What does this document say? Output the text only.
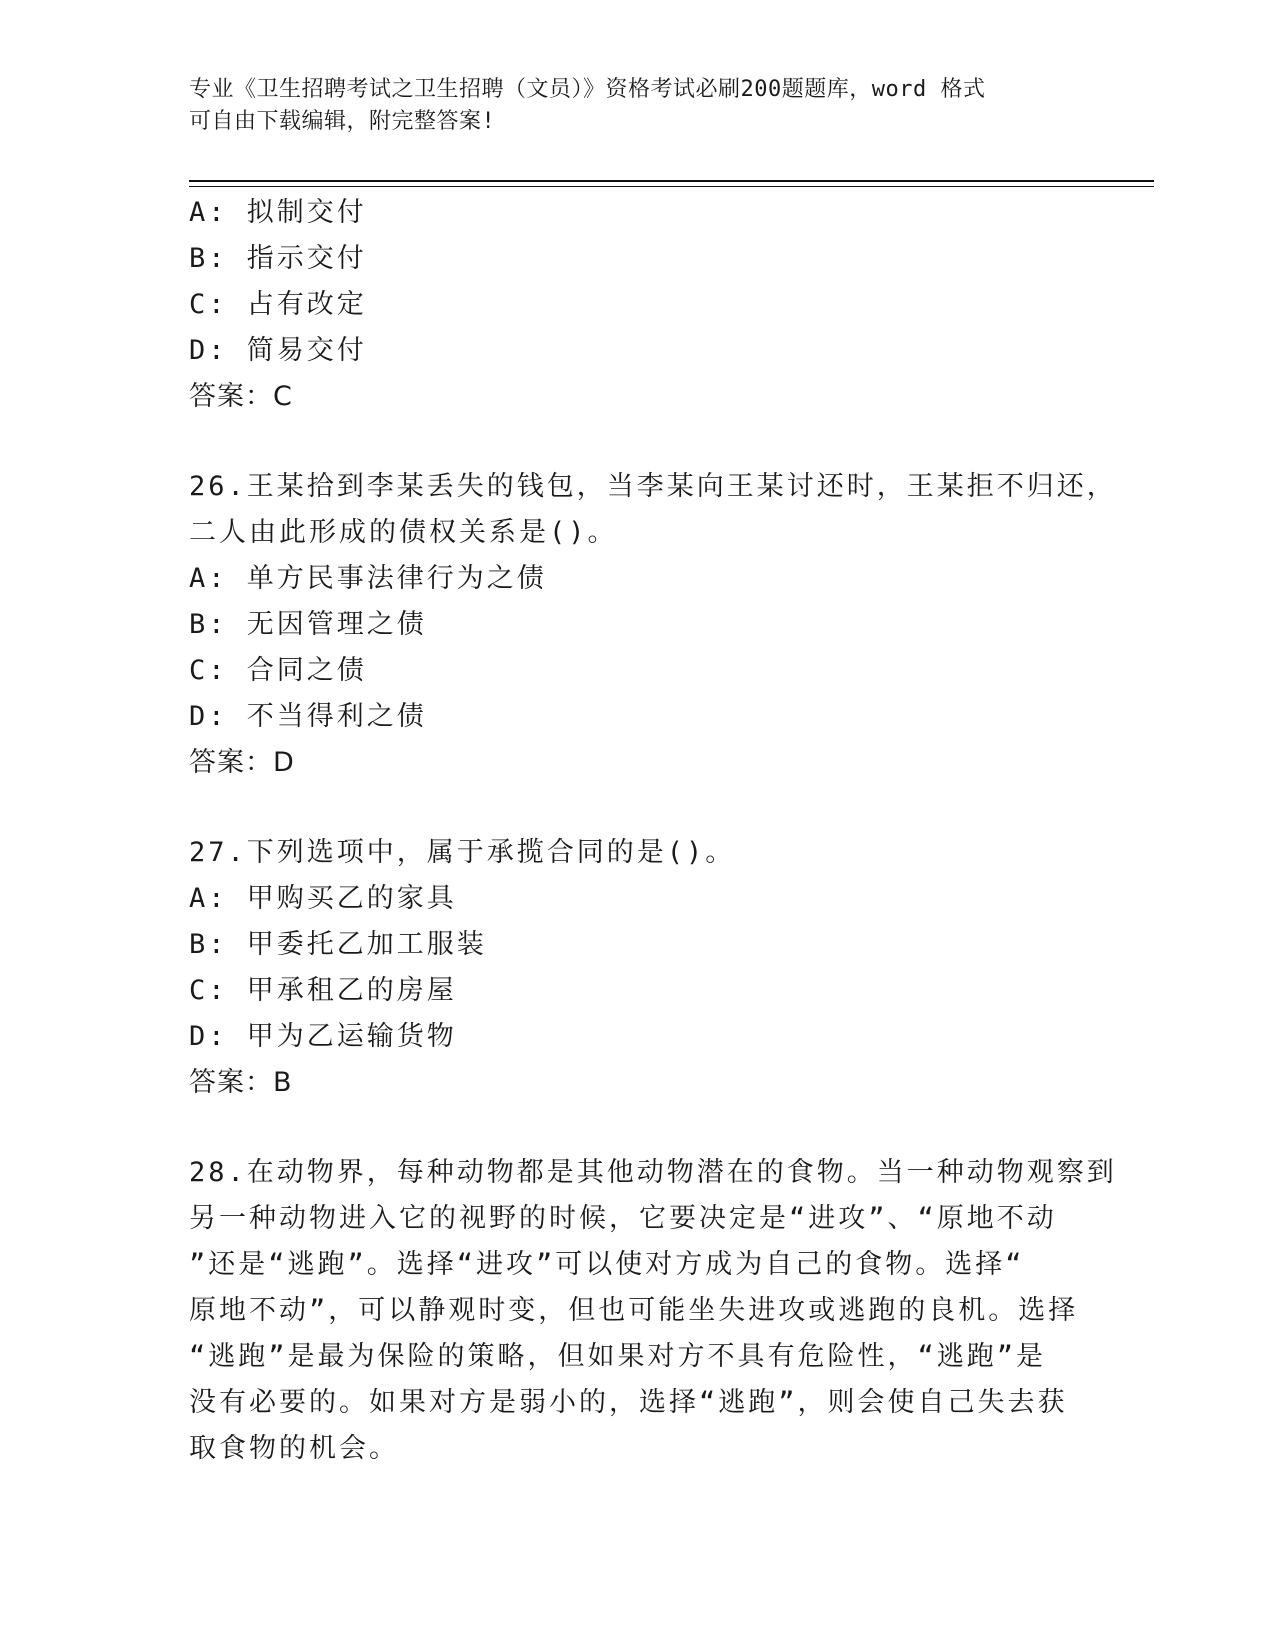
专业《卫生招聘考试之卫生招聘（文员）》资格考试必刷200题题库，word 格式

可自由下载编辑，附完整答案!

A: 拟制交付
B: 指示交付
C: 占有改定
D: 简易交付
答案：C
26.王某拾到李某丢失的钱包，当李某向王某讨还时，王某拒不归还，
二人由此形成的债权关系是()。
A: 单方民事法律行为之债
B: 无因管理之债
C: 合同之债
D: 不当得利之债
答案：D
27.下列选项中，属于承揽合同的是()。
A: 甲购买乙的家具
B: 甲委托乙加工服装
C: 甲承租乙的房屋
D: 甲为乙运输货物
答案：B
28.在动物界，每种动物都是其他动物潜在的食物。当一种动物观察到
另一种动物进入它的视野的时候，它要决定是“进攻”、“原地不动
”还是“逃跑”。选择“进攻”可以使对方成为自己的食物。选择“
原地不动”，可以静观时变，但也可能坐失进攻或逃跑的良机。选择
“逃跑”是最为保险的策略，但如果对方不具有危险性，“逃跑”是
没有必要的。如果对方是弱小的，选择“逃跑”，则会使自己失去获
取食物的机会。
